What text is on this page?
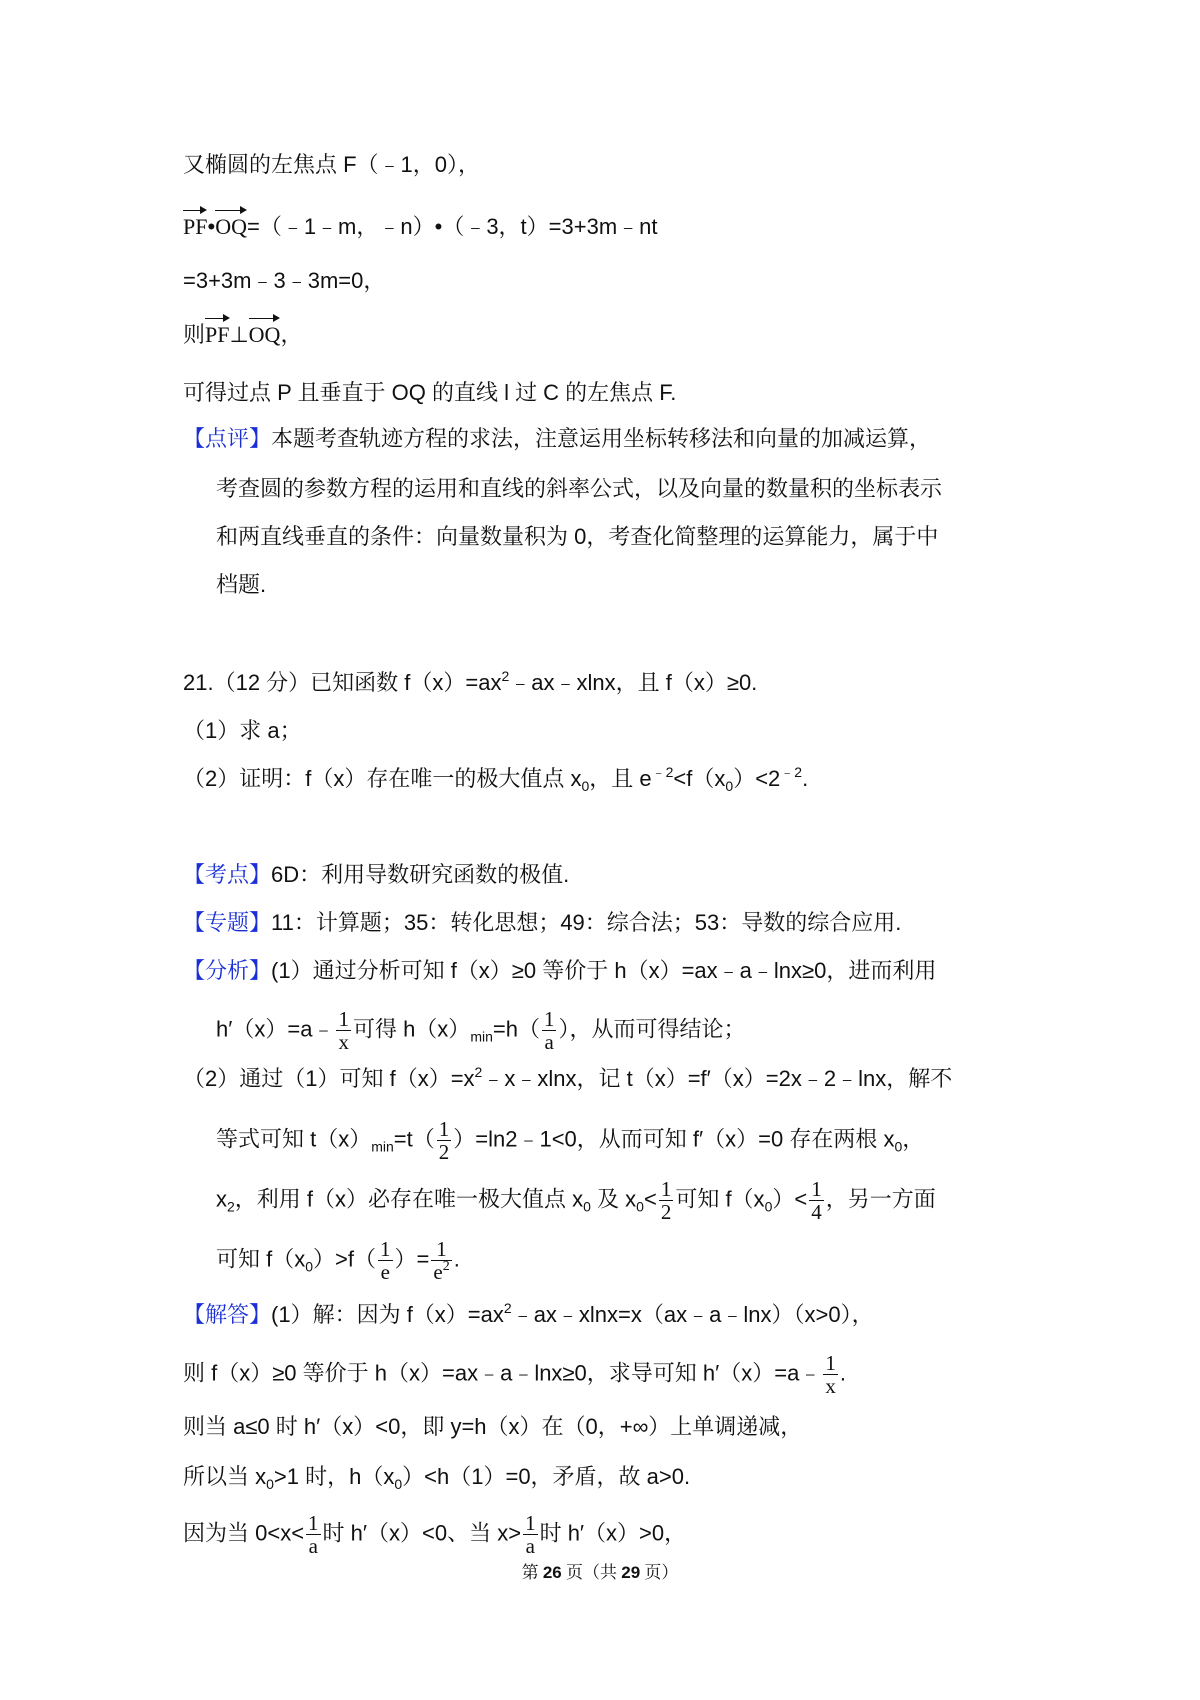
又椭圆的左焦点 F（﹣1，0），
PF•OQ=（﹣1﹣m，﹣n）•（﹣3，t）=3+3m﹣nt
=3+3m﹣3﹣3m=0，
则PF⊥OQ，
可得过点 P 且垂直于 OQ 的直线 l 过 C 的左焦点 F.
【点评】本题考查轨迹方程的求法，注意运用坐标转移法和向量的加减运算，
考查圆的参数方程的运用和直线的斜率公式，以及向量的数量积的坐标表示
和两直线垂直的条件：向量数量积为 0，考查化简整理的运算能力，属于中
档题.
21.（12 分）已知函数 $f(x)=ax^2﹣ax﹣xlnx$，且 f（x）≥0.
（1）求 a；
（2）证明：f（x）存在唯一的极大值点 $x_0$，且 $e^{﹣2}<f(x_0)<2^{﹣2}$.
【考点】6D：利用导数研究函数的极值.
【专题】11：计算题；35：转化思想；49：综合法；53：导数的综合应用.
【分析】(1）通过分析可知 f（x）≥0 等价于 h（x）=ax﹣a﹣lnx≥0，进而利用
h′（x）=a﹣ $\frac{1}{x}$ 可得 $h(x)_{min}=h( \frac{1}{a}$ ），从而可得结论；
（2）通过（1）可知 $f(x)=x^2﹣x﹣xlnx$，记 t（x）=f′（x）=2x﹣2﹣lnx，解不
等式可知 $t(x)_{min}=t( \frac{1}{2}$ ）=ln2﹣1<0，从而可知 f′（x）=0 存在两根 $x_0$，
$x_2$，利用 f（x）必存在唯一极大值点 $x_0$ 及 $x_0< \frac{1}{2}$ 可知 $f(x_0)< \frac{1}{4}$ ，另一方面
可知 $f(x_0)>f( \frac{1}{e}$ ）= $\frac{1}{e^2}$ .
【解答】(1）解：因为 $f(x)=ax^2﹣ax﹣xlnx=x(ax﹣a﹣\ln x)(x>0)$，
则 f（x）≥0 等价于 h（x）=ax﹣a﹣lnx≥0，求导可知 h′（x）=a﹣ $\frac{1}{x}$ .
则当 a≤0 时 h′（x）<0，即 y=h（x）在（0，+∞）上单调递减，
所以当 $x_0>1$ 时，$h(x_0)<h(1)=0$，矛盾，故 a>0.
因为当 $0<x< \frac{1}{a}$ 时 h′（x）<0、当 $x> \frac{1}{a}$ 时 h′（x）>0，
第 26 页（共 29 页）
